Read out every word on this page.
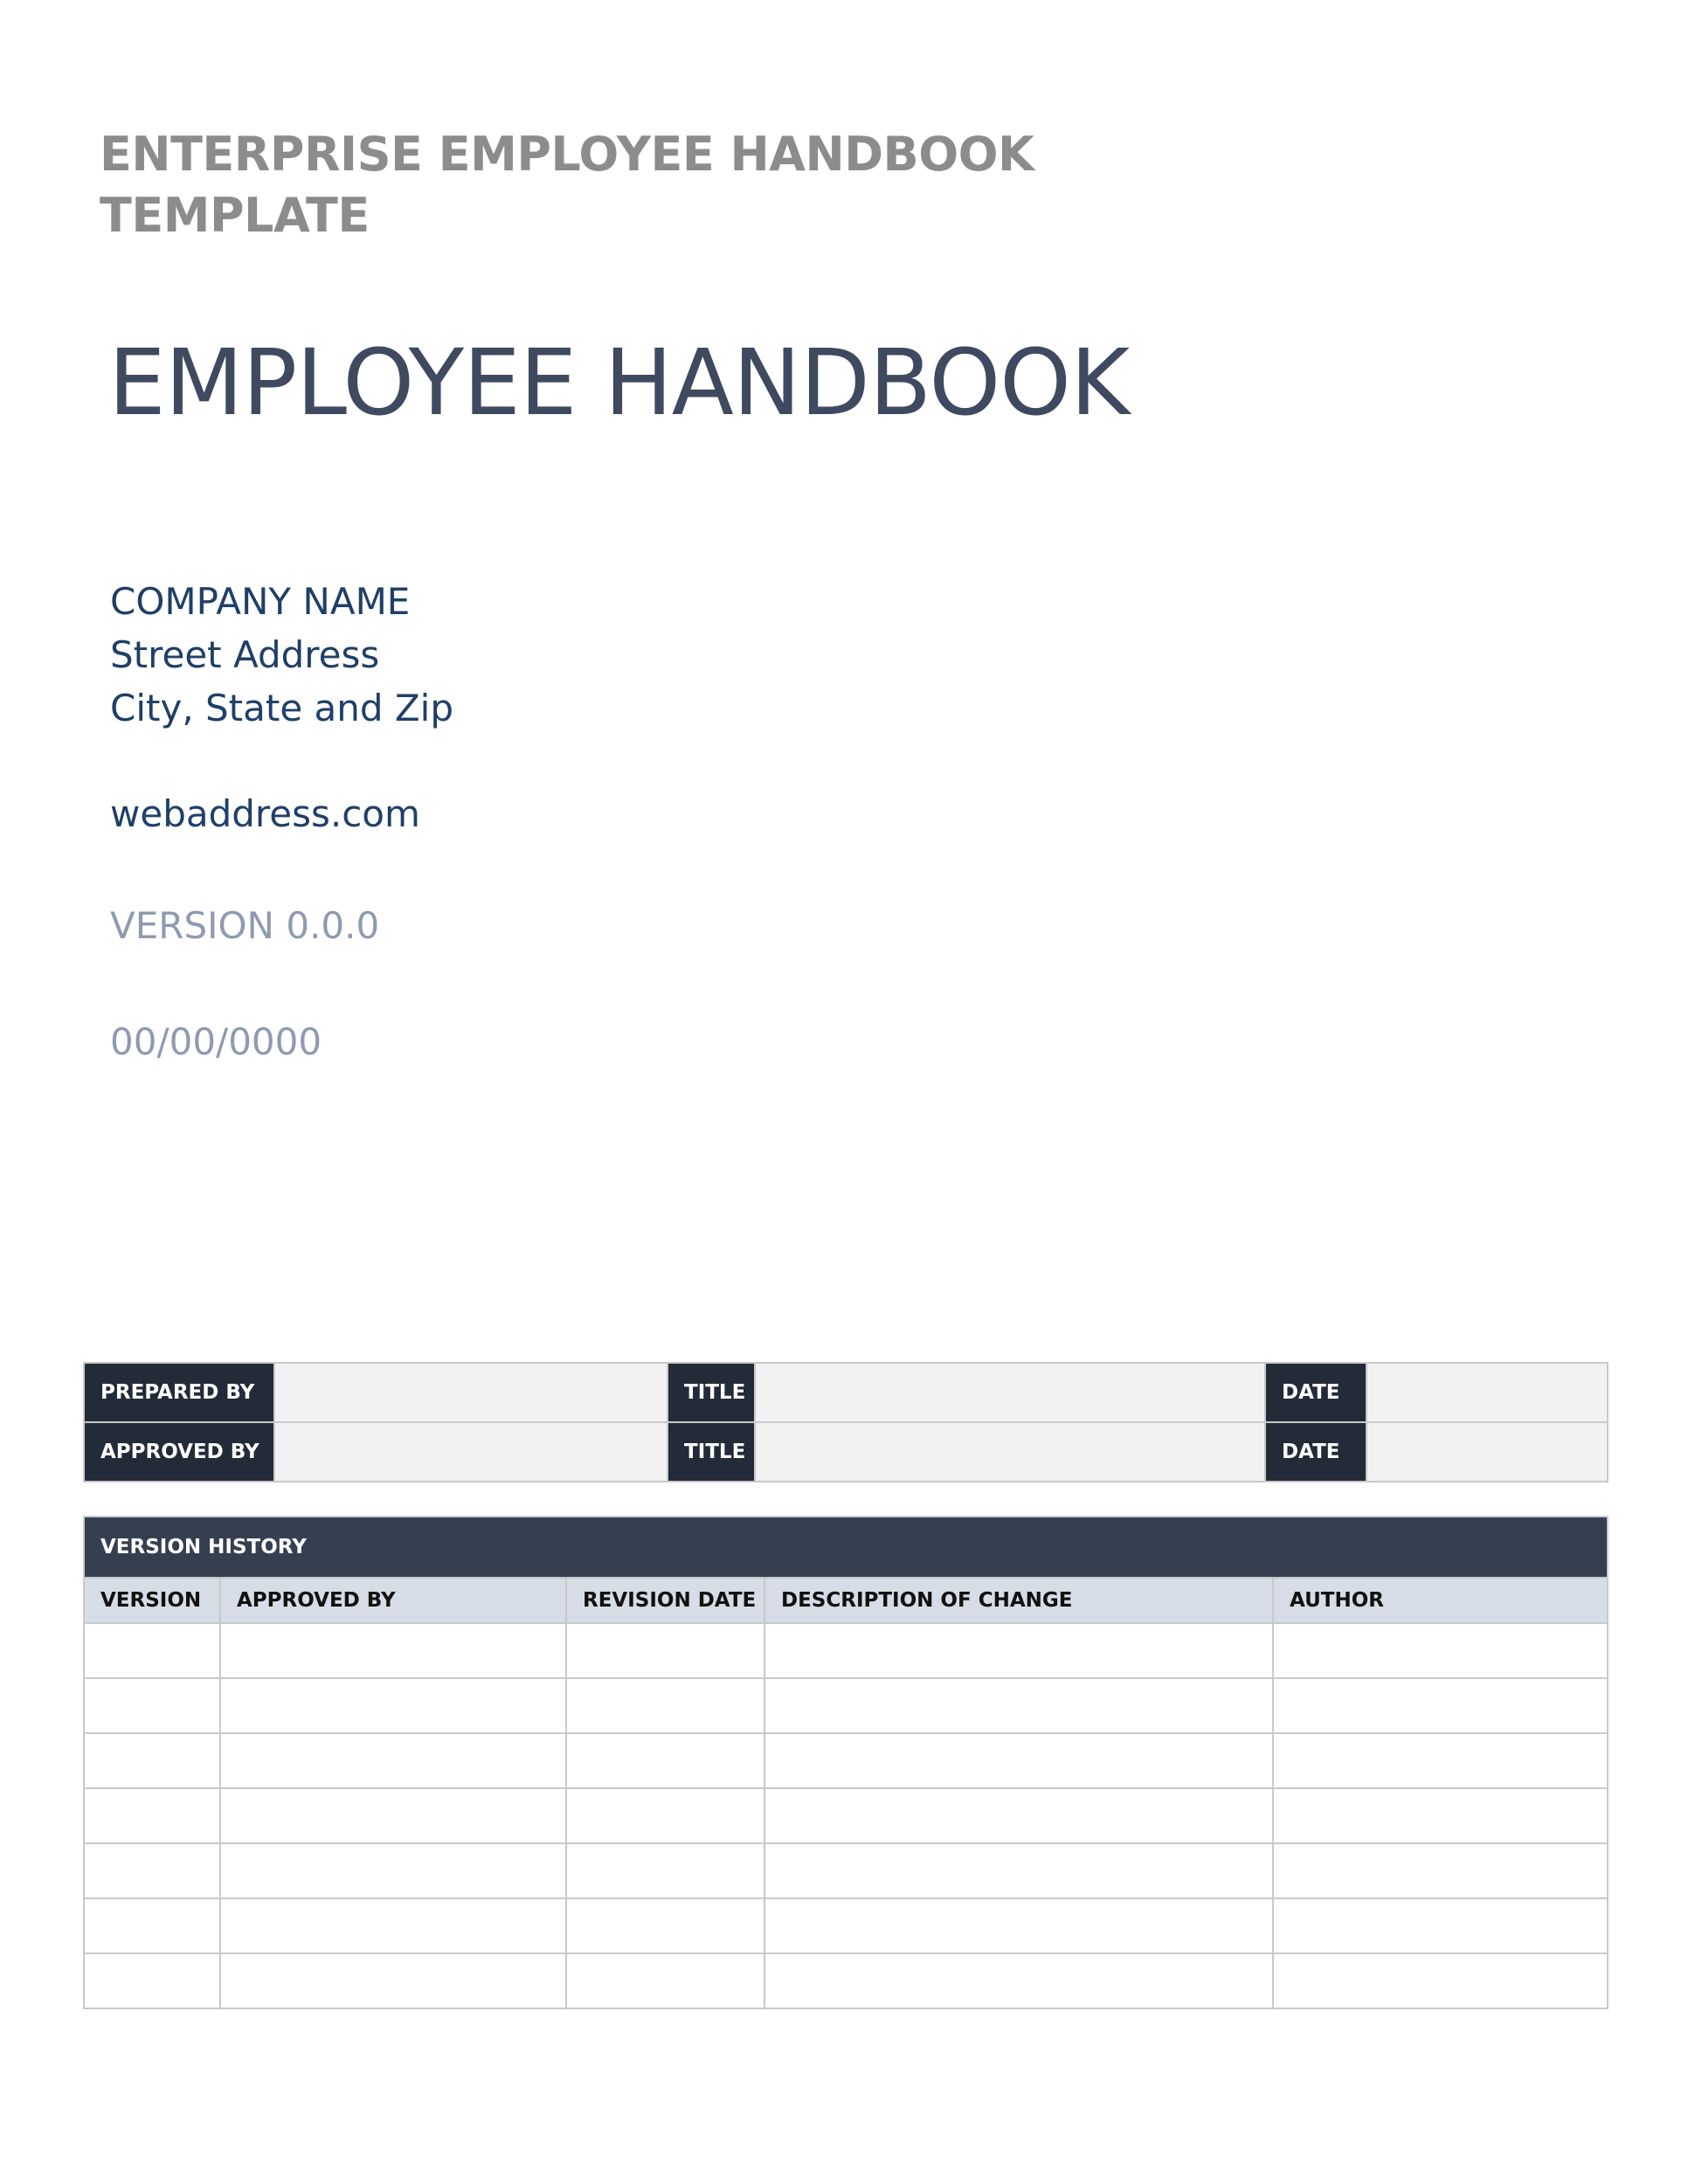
ENTERPRISE EMPLOYEE HANDBOOK
TEMPLATE
EMPLOYEE HANDBOOK
COMPANY NAME
Street Address
City, State and Zip
webaddress.com
VERSION 0.0.0
00/00/0000
PREPARED BY		TITLE		DATE	
APPROVED BY		TITLE		DATE	
VERSION HISTORY				
VERSION	APPROVED BY	REVISION DATE	DESCRIPTION OF CHANGE	AUTHOR
